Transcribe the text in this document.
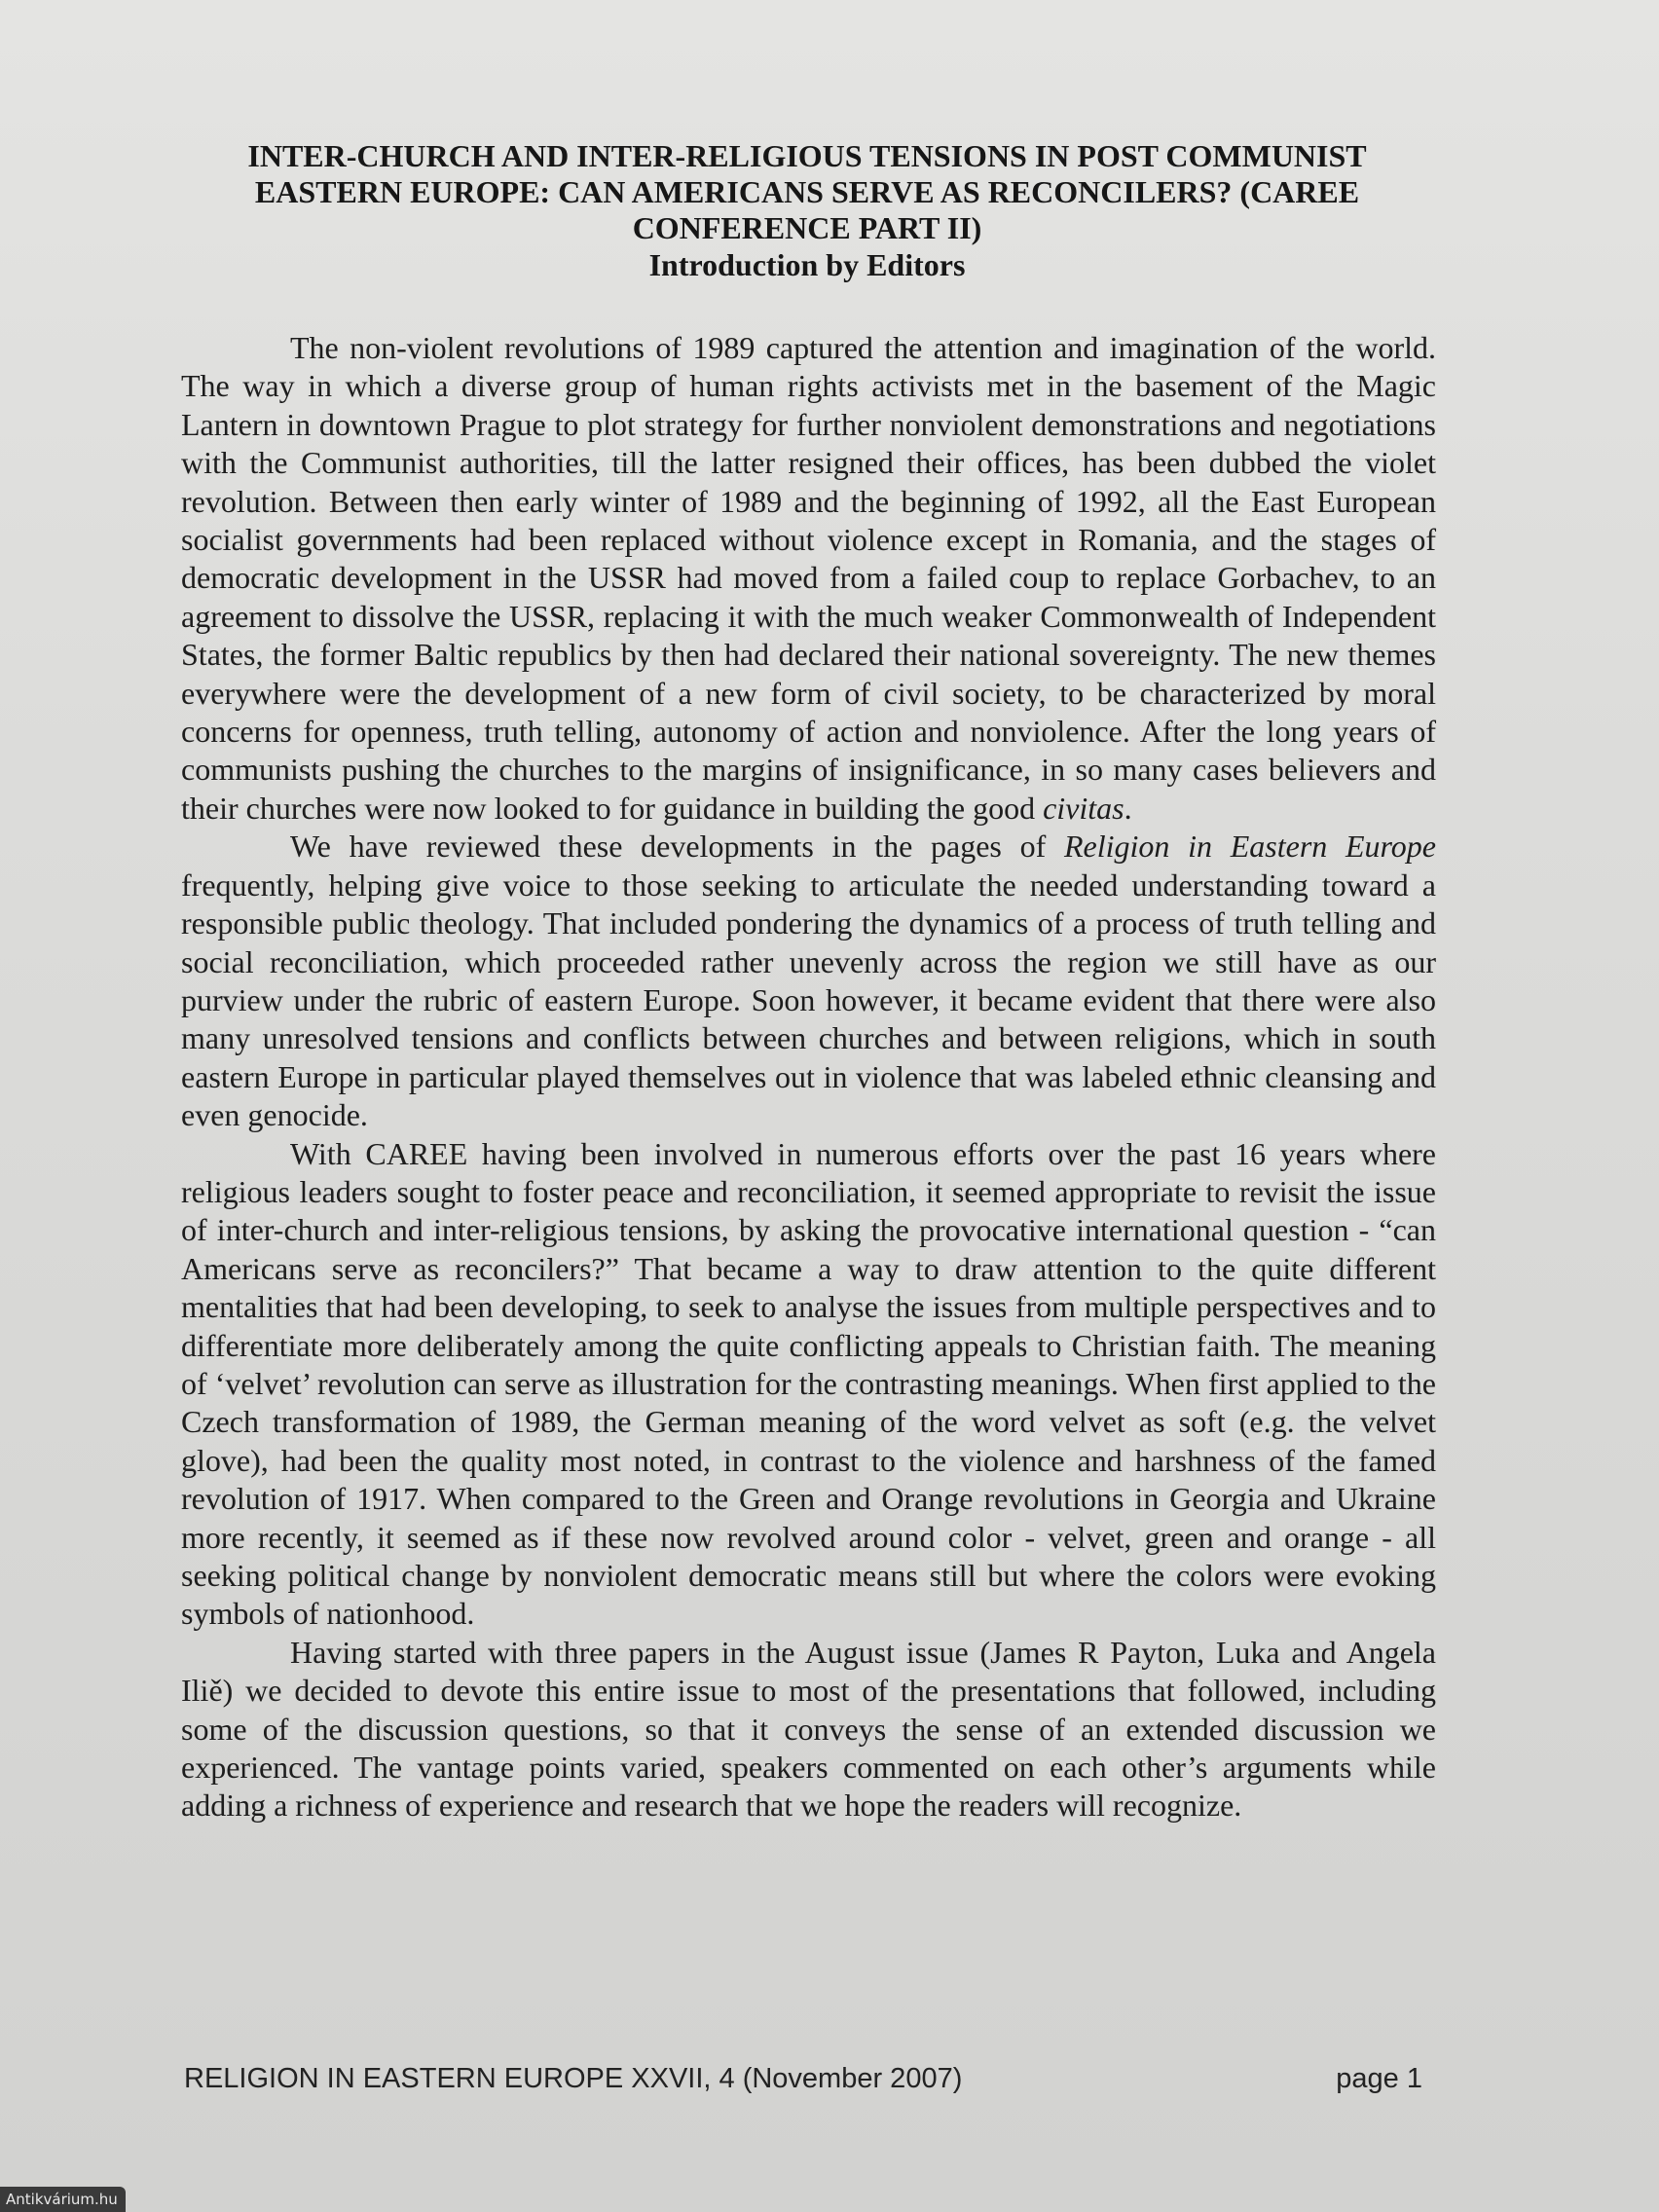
INTER-CHURCH AND INTER-RELIGIOUS TENSIONS IN POST COMMUNIST
EASTERN EUROPE: CAN AMERICANS SERVE AS RECONCILERS? (CAREE
CONFERENCE PART II)
Introduction by Editors

The non-violent revolutions of 1989 captured the attention and imagination of the world. The way in which a diverse group of human rights activists met in the basement of the Magic Lantern in downtown Prague to plot strategy for further nonviolent demonstrations and negotiations with the Communist authorities, till the latter resigned their offices, has been dubbed the violet revolution. Between then early winter of 1989 and the beginning of 1992, all the East European socialist governments had been replaced without violence except in Romania, and the stages of democratic development in the USSR had moved from a failed coup to replace Gorbachev, to an agreement to dissolve the USSR, replacing it with the much weaker Commonwealth of Independent States, the former Baltic republics by then had declared their national sovereignty. The new themes everywhere were the development of a new form of civil society, to be characterized by moral concerns for openness, truth telling, autonomy of action and nonviolence. After the long years of communists pushing the churches to the margins of insignificance, in so many cases believers and their churches were now looked to for guidance in building the good civitas.

We have reviewed these developments in the pages of Religion in Eastern Europe frequently, helping give voice to those seeking to articulate the needed understanding toward a responsible public theology. That included pondering the dynamics of a process of truth telling and social reconciliation, which proceeded rather unevenly across the region we still have as our purview under the rubric of eastern Europe. Soon however, it became evident that there were also many unresolved tensions and conflicts between churches and between religions, which in south eastern Europe in particular played themselves out in violence that was labeled ethnic cleansing and even genocide.

With CAREE having been involved in numerous efforts over the past 16 years where religious leaders sought to foster peace and reconciliation, it seemed appropriate to revisit the issue of inter-church and inter-religious tensions, by asking the provocative international question - “can Americans serve as reconcilers?” That became a way to draw attention to the quite different mentalities that had been developing, to seek to analyse the issues from multiple perspectives and to differentiate more deliberately among the quite conflicting appeals to Christian faith. The meaning of ‘velvet’ revolution can serve as illustration for the contrasting meanings. When first applied to the Czech transformation of 1989, the German meaning of the word velvet as soft (e.g. the velvet glove), had been the quality most noted, in contrast to the violence and harshness of the famed revolution of 1917. When compared to the Green and Orange revolutions in Georgia and Ukraine more recently, it seemed as if these now revolved around color - velvet, green and orange - all seeking political change by nonviolent democratic means still but where the colors were evoking symbols of nationhood.

Having started with three papers in the August issue (James R Payton, Luka and Angela Iliě) we decided to devote this entire issue to most of the presentations that followed, including some of the discussion questions, so that it conveys the sense of an extended discussion we experienced. The vantage points varied, speakers commented on each other’s arguments while adding a richness of experience and research that we hope the readers will recognize.

RELIGION IN EASTERN EUROPE XXVII, 4 (November 2007)	page 1
Antikvárium.hu
